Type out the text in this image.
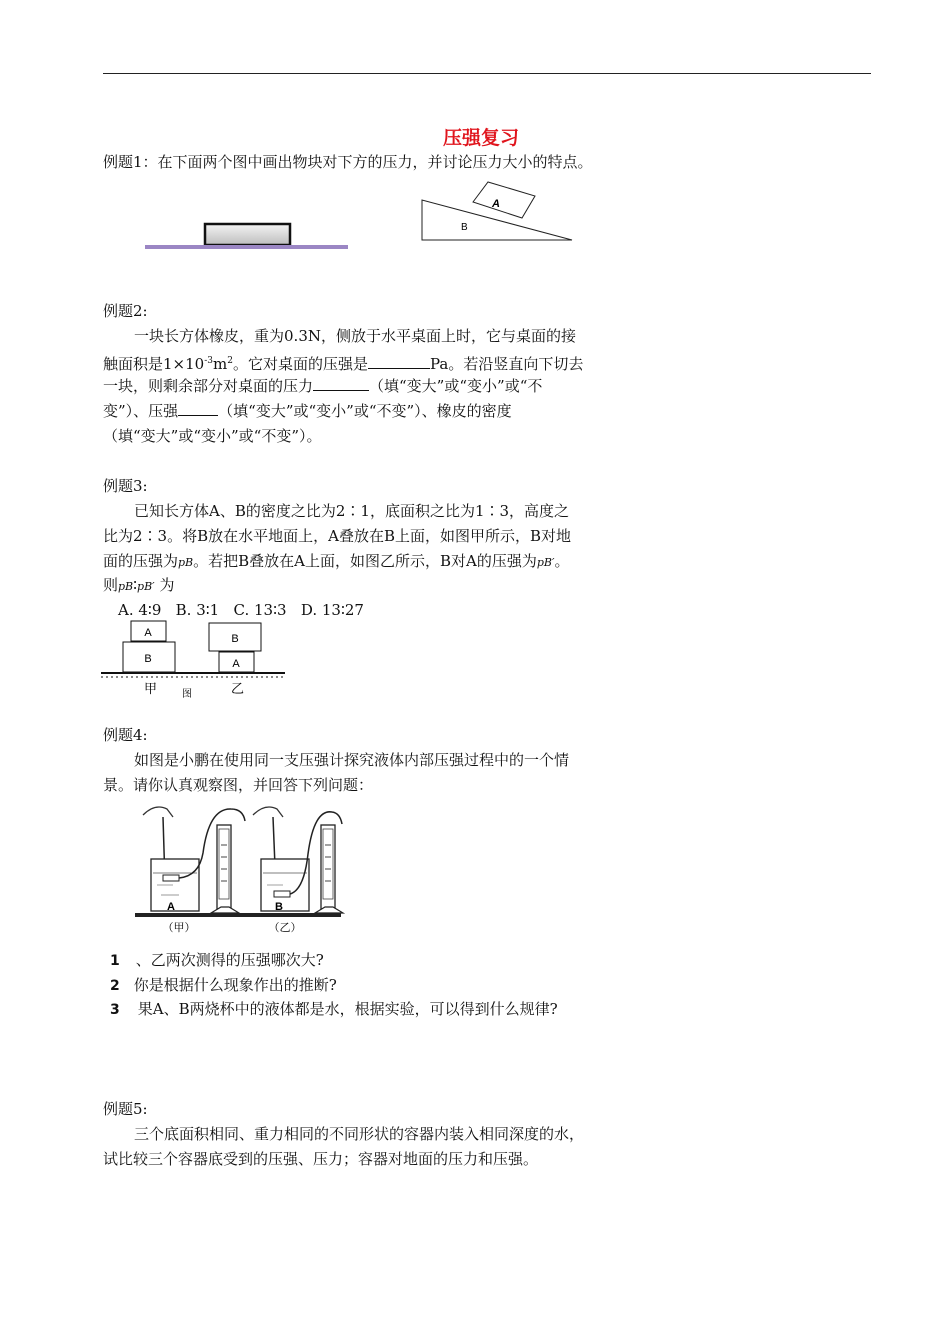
压强复习
例题1：在下面两个图中画出物块对下方的压力，并讨论压力大小的特点。
A
B
例题2:
一块长方体橡皮，重为0.3N，侧放于水平桌面上时，它与桌面的接
触面积是$1\times 10^{-3}m^2$。它对桌面的压强是	Pa。若沿竖直向下切去
一块，则剩余部分对桌面的压力	（填“变大”或“变小”或“不
变”）、压强	（填“变大”或“变小”或“不变”）、橡皮的密度
（填“变大”或“变小”或“不变”）。
例题3:
已知长方体A、B的密度之比为2∶1，底面积之比为1∶3，高度之
比为2∶3。将B放在水平地面上，A叠放在B上面，如图甲所示，B对地
面的压强为pB。若把B叠放在A上面，如图乙所示，B对A的压强为pB′。
则pB∶pB′ 为
A. 4∶9   B. 3∶1   C. 13∶3   D. 13∶27
A
B
B
A
甲 图	乙
例题4:
如图是小鹏在使用同一支压强计探究液体内部压强过程中的一个情
景。请你认真观察图，并回答下列问题：
A	B
（甲）	（乙）
1 、乙两次测得的压强哪次大?
2 你是根据什么现象作出的推断?
3 果A、B两烧杯中的液体都是水，根据实验，可以得到什么规律?
例题5:
三个底面积相同、重力相同的不同形状的容器内装入相同深度的水，
试比较三个容器底受到的压强、压力；容器对地面的压力和压强。
